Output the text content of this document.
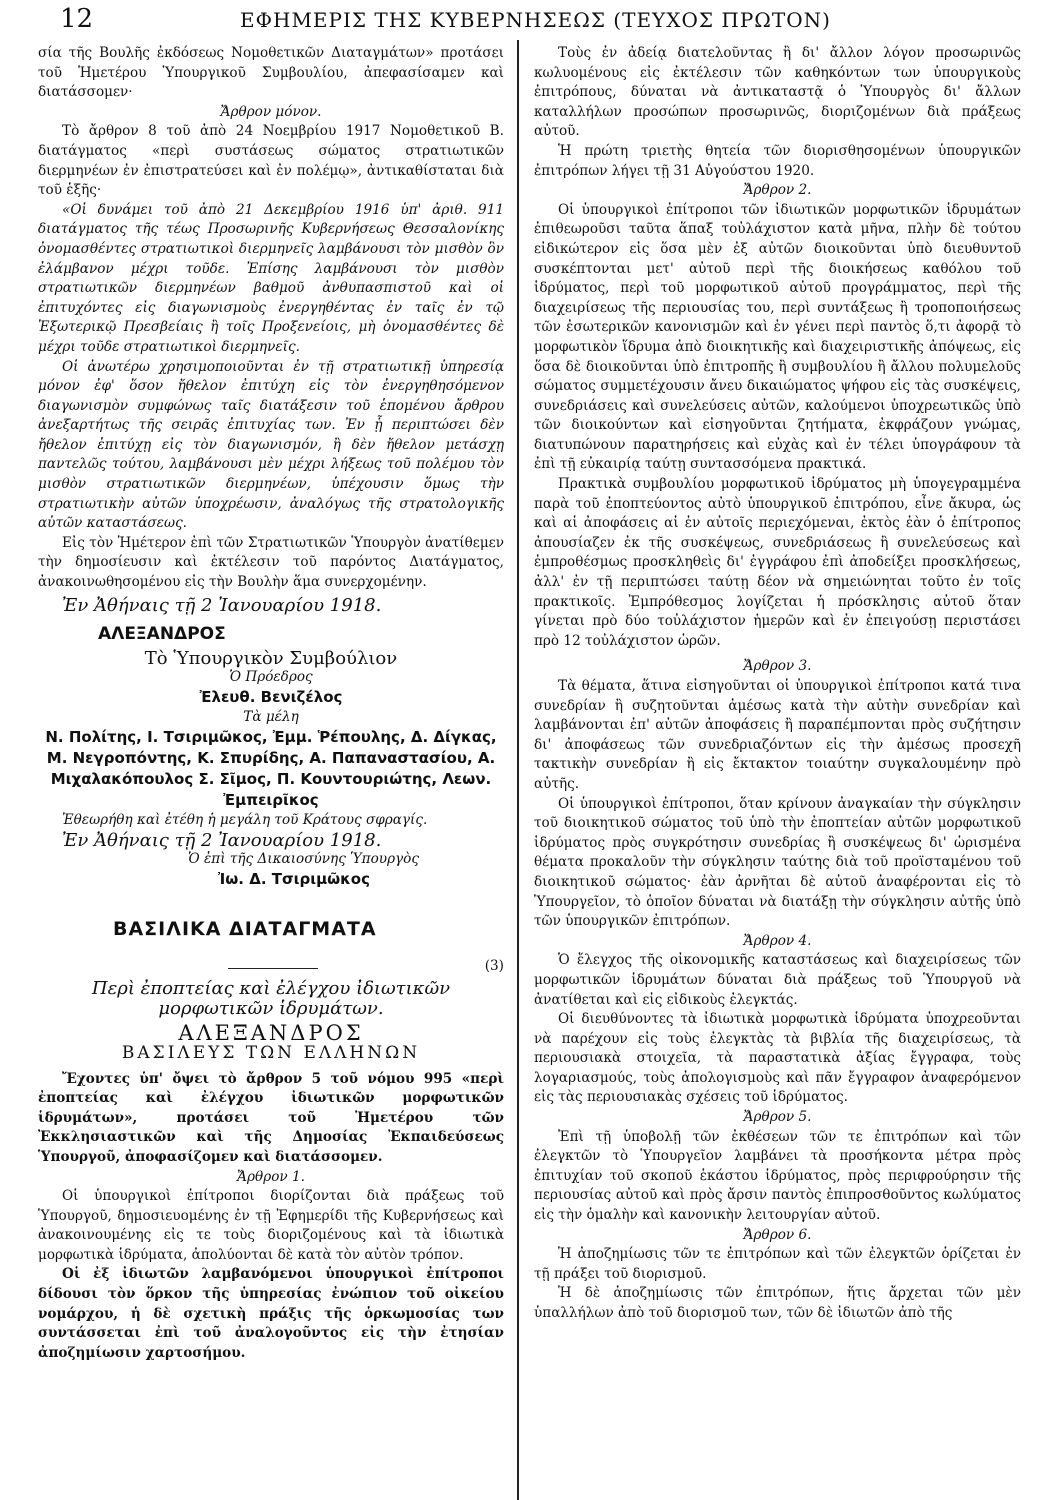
12	ΕΦΗΜΕΡΙΣ ΤΗΣ ΚΥΒΕΡΝΗΣΕΩΣ (ΤΕΥΧΟΣ ΠΡΩΤΟΝ)

σία τῆς Βουλῆς ἐκδόσεως Νομοθετικῶν Διαταγμάτων» προτάσει τοῦ Ἡμετέρου Ὑπουργικοῦ Συμβουλίου, ἀπεφασίσαμεν καὶ διατάσσομεν·

Ἄρθρον μόνον.

Τὸ ἄρθρον 8 τοῦ ἀπὸ 24 Νοεμβρίου 1917 Νομοθετικοῦ Β. διατάγματος «περὶ συστάσεως σώματος στρατιωτικῶν διερμηνέων ἐν ἐπιστρατεύσει καὶ ἐν πολέμῳ», ἀντικαθίσταται διὰ τοῦ ἑξῆς·

«Οἱ δυνάμει τοῦ ἀπὸ 21 Δεκεμβρίου 1916 ὑπ' ἀριθ. 911 διατάγματος τῆς τέως Προσωρινῆς Κυβερνήσεως Θεσσαλονίκης ὀνομασθέντες στρατιωτικοὶ διερμηνεῖς λαμβάνουσι τὸν μισθὸν ὃν ἐλάμβανον μέχρι τοῦδε. Ἐπίσης λαμβάνουσι τὸν μισθὸν στρατιωτικῶν διερμηνέων βαθμοῦ ἀνθυπασπιστοῦ καὶ οἱ ἐπιτυχόντες εἰς διαγωνισμοὺς ἐνεργηθέντας ἐν ταῖς ἐν τῷ Ἐξωτερικῷ Πρεσβείαις ἢ τοῖς Προξενείοις, μὴ ὀνομασθέντες δὲ μέχρι τοῦδε στρατιωτικοὶ διερμηνεῖς.

Οἱ ἀνωτέρω χρησιμοποιοῦνται ἐν τῇ στρατιωτικῇ ὑπηρεσίᾳ μόνον ἐφ' ὅσον ἤθελον ἐπιτύχη εἰς τὸν ἐνεργηθησόμενον διαγωνισμὸν συμφώνως ταῖς διατάξεσιν τοῦ ἑπομένου ἄρθρου ἀνεξαρτήτως τῆς σειρᾶς ἐπιτυχίας των. Ἐν ᾗ περιπτώσει δὲν ἤθελον ἐπιτύχῃ εἰς τὸν διαγωνισμόν, ἢ δὲν ἤθελον μετάσχῃ παντελῶς τούτου, λαμβάνουσι μὲν μέχρι λήξεως τοῦ πολέμου τὸν μισθὸν στρατιωτικῶν διερμηνέων, ὑπέχουσιν ὅμως τὴν στρατιωτικὴν αὐτῶν ὑποχρέωσιν, ἀναλόγως τῆς στρατολογικῆς αὐτῶν καταστάσεως.

Εἰς τὸν Ἡμέτερον ἐπὶ τῶν Στρατιωτικῶν Ὑπουργὸν ἀνατίθεμεν τὴν δημοσίευσιν καὶ ἐκτέλεσιν τοῦ παρόντος Διατάγματος, ἀνακοινωθησομένου εἰς τὴν Βουλὴν ἅμα συνερχομένην.

Ἐν Ἀθήναις τῇ 2 Ἰανουαρίου 1918.

ΑΛΕΞΑΝΔΡΟΣ

Τὸ Ὑπουργικὸν Συμβούλιον

Ὁ Πρόεδρος

Ἐλευθ. Βενιζέλος

Τὰ μέλη

Ν. Πολίτης, Ι. Τσιριμῶκος, Ἐμμ. Ῥέπουλης, Δ. Δίγκας, Μ. Νεγροπόντης, Κ. Σπυρίδης, Α. Παπαναστασίου, Α. Μιχαλακόπουλος Σ. Σῖμος, Π. Κουντουριώτης, Λεων. Ἐμπειρῖκος

Ἐθεωρήθη καὶ ἐτέθη ἡ μεγάλη τοῦ Κράτους σφραγίς.

Ἐν Ἀθήναις τῇ 2 Ἰανουαρίου 1918.

Ὁ ἐπὶ τῆς Δικαιοσύνης Ὑπουργὸς

Ἰω. Δ. Τσιριμῶκος

ΒΑΣΙΛΙΚΑ ΔΙΑΤΑΓΜΑΤΑ

(3)

Περὶ ἐποπτείας καὶ ἐλέγχου ἰδιωτικῶν μορφωτικῶν ἱδρυμάτων.

ΑΛΕΞΑΝΔΡΟΣ

ΒΑΣΙΛΕΥΣ ΤΩΝ ΕΛΛΗΝΩΝ

Ἔχοντες ὑπ' ὄψει τὸ ἄρθρον 5 τοῦ νόμου 995 «περὶ ἐποπτείας καὶ ἐλέγχου ἰδιωτικῶν μορφωτικῶν ἱδρυμάτων», προτάσει τοῦ Ἡμετέρου τῶν Ἐκκλησιαστικῶν καὶ τῆς Δημοσίας Ἐκπαιδεύσεως Ὑπουργοῦ, ἀποφασίζομεν καὶ διατάσσομεν.

Ἄρθρον 1.

Οἱ ὑπουργικοὶ ἐπίτροποι διορίζονται διὰ πράξεως τοῦ Ὑπουργοῦ, δημοσιευομένης ἐν τῇ Ἐφημερίδι τῆς Κυβερνήσεως καὶ ἀνακοινουμένης εἰς τε τοὺς διοριζομένους καὶ τὰ ἰδιωτικὰ μορφωτικὰ ἱδρύματα, ἀπολύονται δὲ κατὰ τὸν αὐτὸν τρόπον.

Οἱ ἐξ ἰδιωτῶν λαμβανόμενοι ὑπουργικοὶ ἐπίτροποι δίδουσι τὸν ὅρκον τῆς ὑπηρεσίας ἐνώπιον τοῦ οἰκείου νομάρχου, ἡ δὲ σχετικὴ πράξις τῆς ὁρκωμοσίας των συντάσσεται ἐπὶ τοῦ ἀναλογοῦντος εἰς τὴν ἐτησίαν ἀποζημίωσιν χαρτοσήμου.

Τοὺς ἐν ἀδείᾳ διατελοῦντας ἢ δι' ἄλλον λόγον προσωρινῶς κωλυομένους εἰς ἐκτέλεσιν τῶν καθηκόντων των ὑπουργικοὺς ἐπιτρόπους, δύναται νὰ ἀντικαταστᾷ ὁ Ὑπουργὸς δι' ἄλλων καταλλήλων προσώπων προσωρινῶς, διοριζομένων διὰ πράξεως αὐτοῦ.

Ἡ πρώτη τριετὴς θητεία τῶν διορισθησομένων ὑπουργικῶν ἐπιτρόπων λήγει τῇ 31 Αὐγούστου 1920.

Ἄρθρον 2.

Οἱ ὑπουργικοὶ ἐπίτροποι τῶν ἰδιωτικῶν μορφωτικῶν ἱδρυμάτων ἐπιθεωροῦσι ταῦτα ἅπαξ τοὐλάχιστον κατὰ μῆνα, πλὴν δὲ τούτου εἰδικώτερον εἰς ὅσα μὲν ἐξ αὐτῶν διοικοῦνται ὑπὸ διευθυντοῦ συσκέπτονται μετ' αὐτοῦ περὶ τῆς διοικήσεως καθόλου τοῦ ἱδρύματος, περὶ τοῦ μορφωτικοῦ αὐτοῦ προγράμματος, περὶ τῆς διαχειρίσεως τῆς περιουσίας του, περὶ συντάξεως ἢ τροποποιήσεως τῶν ἐσωτερικῶν κανονισμῶν καὶ ἐν γένει περὶ παντὸς ὅ,τι ἀφορᾷ τὸ μορφωτικὸν ἵδρυμα ἀπὸ διοικητικῆς καὶ διαχειριστικῆς ἀπόψεως, εἰς ὅσα δὲ διοικοῦνται ὑπὸ ἐπιτροπῆς ἢ συμβουλίου ἢ ἄλλου πολυμελοῦς σώματος συμμετέχουσιν ἄνευ δικαιώματος ψήφου εἰς τὰς συσκέψεις, συνεδριάσεις καὶ συνελεύσεις αὐτῶν, καλούμενοι ὑποχρεωτικῶς ὑπὸ τῶν διοικούντων καὶ εἰσηγοῦνται ζητήματα, ἐκφράζουν γνώμας, διατυπώνουν παρατηρήσεις καὶ εὐχὰς καὶ ἐν τέλει ὑπογράφουν τὰ ἐπὶ τῇ εὐκαιρίᾳ ταύτῃ συντασσόμενα πρακτικά.

Πρακτικὰ συμβουλίου μορφωτικοῦ ἱδρύματος μὴ ὑπογεγραμμένα παρὰ τοῦ ἐποπτεύοντος αὐτὸ ὑπουργικοῦ ἐπιτρόπου, εἶνε ἄκυρα, ὡς καὶ αἱ ἀποφάσεις αἱ ἐν αὐτοῖς περιεχόμεναι, ἐκτὸς ἐὰν ὁ ἐπίτροπος ἀπουσίαζεν ἐκ τῆς συσκέψεως, συνεδριάσεως ἢ συνελεύσεως καὶ ἐμπροθέσμως προσκληθεὶς δι' ἐγγράφου ἐπὶ ἀποδείξει προσκλήσεως, ἀλλ' ἐν τῇ περιπτώσει ταύτῃ δέον νὰ σημειώνηται τοῦτο ἐν τοῖς πρακτικοῖς. Ἐμπρόθεσμος λογίζεται ἡ πρόσκλησις αὐτοῦ ὅταν γίνεται πρὸ δύο τοὐλάχιστον ἡμερῶν καὶ ἐν ἐπειγούσῃ περιστάσει πρὸ 12 τοὐλάχιστον ὡρῶν.

Ἄρθρον 3.

Τὰ θέματα, ἅτινα εἰσηγοῦνται οἱ ὑπουργικοὶ ἐπίτροποι κατά τινα συνεδρίαν ἢ συζητοῦνται ἀμέσως κατὰ τὴν αὐτὴν συνεδρίαν καὶ λαμβάνονται ἐπ' αὐτῶν ἀποφάσεις ἢ παραπέμπονται πρὸς συζήτησιν δι' ἀποφάσεως τῶν συνεδριαζόντων εἰς τὴν ἀμέσως προσεχῆ τακτικὴν συνεδρίαν ἢ εἰς ἔκτακτον τοιαύτην συγκαλουμένην πρὸ αὐτῆς.

Οἱ ὑπουργικοὶ ἐπίτροποι, ὅταν κρίνουν ἀναγκαίαν τὴν σύγκλησιν τοῦ διοικητικοῦ σώματος τοῦ ὑπὸ τὴν ἐποπτείαν αὐτῶν μορφωτικοῦ ἱδρύματος πρὸς συγκρότησιν συνεδρίας ἢ συσκέψεως δι' ὡρισμένα θέματα προκαλοῦν τὴν σύγκλησιν ταύτης διὰ τοῦ προϊσταμένου τοῦ διοικητικοῦ σώματος· ἐὰν ἀρνῆται δὲ αὐτοῦ ἀναφέρονται εἰς τὸ Ὑπουργεῖον, τὸ ὁποῖον δύναται νὰ διατάξῃ τὴν σύγκλησιν αὐτῆς ὑπὸ τῶν ὑπουργικῶν ἐπιτρόπων.

Ἄρθρον 4.

Ὁ ἔλεγχος τῆς οἰκονομικῆς καταστάσεως καὶ διαχειρίσεως τῶν μορφωτικῶν ἱδρυμάτων δύναται διὰ πράξεως τοῦ Ὑπουργοῦ νὰ ἀνατίθεται καὶ εἰς εἰδικοὺς ἐλεγκτάς.

Οἱ διευθύνοντες τὰ ἰδιωτικὰ μορφωτικὰ ἱδρύματα ὑποχρεοῦνται νὰ παρέχουν εἰς τοὺς ἐλεγκτὰς τὰ βιβλία τῆς διαχειρίσεως, τὰ περιουσιακὰ στοιχεῖα, τὰ παραστατικὰ ἀξίας ἔγγραφα, τοὺς λογαριασμούς, τοὺς ἀπολογισμοὺς καὶ πᾶν ἔγγραφον ἀναφερόμενον εἰς τὰς περιουσιακὰς σχέσεις τοῦ ἱδρύματος.

Ἄρθρον 5.

Ἐπὶ τῇ ὑποβολῇ τῶν ἐκθέσεων τῶν τε ἐπιτρόπων καὶ τῶν ἐλεγκτῶν τὸ Ὑπουργεῖον λαμβάνει τὰ προσήκοντα μέτρα πρὸς ἐπιτυχίαν τοῦ σκοποῦ ἑκάστου ἱδρύματος, πρὸς περιφρούρησιν τῆς περιουσίας αὐτοῦ καὶ πρὸς ἄρσιν παντὸς ἐπιπροσθοῦντος κωλύματος εἰς τὴν ὁμαλὴν καὶ κανονικὴν λειτουργίαν αὐτοῦ.

Ἄρθρον 6.

Ἡ ἀποζημίωσις τῶν τε ἐπιτρόπων καὶ τῶν ἐλεγκτῶν ὁρίζεται ἐν τῇ πράξει τοῦ διορισμοῦ.

Ἡ δὲ ἀποζημίωσις τῶν ἐπιτρόπων, ἥτις ἄρχεται τῶν μὲν ὑπαλλήλων ἀπὸ τοῦ διορισμοῦ των, τῶν δὲ ἰδιωτῶν ἀπὸ τῆς
